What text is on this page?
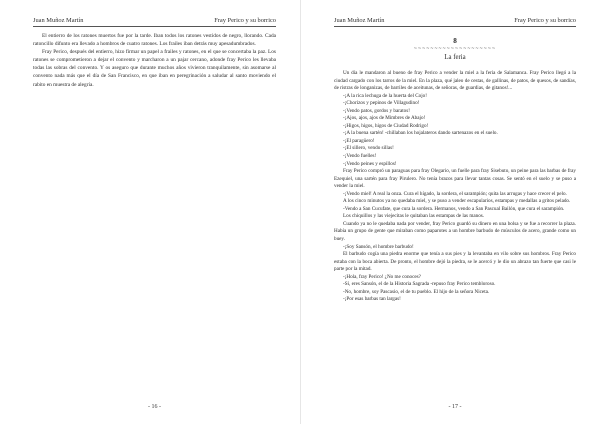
Juan Muñoz Martín	Fray Perico y su borrico

El entierro de los ratones muertos fue por la tarde. Iban todos los ratones vestidos de negro, llorando. Cada ratoncillo difunto era llevado a hombros de cuatro ratones. Los frailes iban detrás muy apesadumbrados.

Fray Perico, después del entierro, hizo firmar un papel a frailes y ratones, en el que se concertaba la paz. Los ratones se comprometieron a dejar el convento y marcharon a un pajar cercano, adonde fray Perico les llevaba todas las sobras del convento. Y os aseguro que durante muchos años vivieron tranquilamente, sin asomarse al convento nada más que el día de San Francisco, en que iban en peregrinación a saludar al santo moviendo el rabito en muestra de alegría.

- 16 -
Juan Muñoz Martín	Fray Perico y su borrico
8
~~~~~~~~~~~~~~~~~~~~
La feria

Un día le mandaron al bueno de fray Perico a vender la miel a la feria de Salamanca. Fray Perico llegó a la ciudad cargado con los tarros de la miel. En la plaza, qué jaleo de cestas, de gallinas, de patos, de quesos, de sandías, de ristras de longanizas, de barriles de aceitunas, de señoras, de guardias, de gitanos!...

-¡A la rica lechuga de la huerta del Cojo!

-¡Chorizos y pepinos de Villagudino!

-¡Vendo patos, gordos y baratos!

-¡Ajos, ajos, ajos de Mimbres de Abajo!

-¡Higos, higos, higos de Ciudad Rodrigo!

-¡A la buena sartén! -chillaban los hojalateros dando sartenazos en el suelo.

-¡El paragüero!

-¡El sillero, vendo sillas!

-¡Vendo fuelles!

-¡Vendo peines y espillos!

Fray Perico compró un paraguas para fray Olegario, un fuelle para fray Sisebuto, un peine para las barbas de fray Ezequiel, una sartén para fray Pirulero. No tenía brazos para llevar tantas cosas. Se sentó en el suelo y se puso a vender la miel.

-¡Vendo miel! A real la onza. Cura el hígado, la sordera, el sarampión; quita las arrugas y hace crecer el pelo.

A los cinco minutos ya no quedaba miel, y se puso a vender escapularios, estampas y medallas a gritos pelado.

-Vendo a San Cucufate, que cura la sordera. Hermanos, vendo a San Pascual Bailón, que cura el sarampión.

Los chiquillos y las viejecitas le quitaban las estampas de las manos.

Cuando ya no le quedaba nada por vender, fray Perico guardó su dinero en una bolsa y se fue a recorrer la plaza. Había un grupo de gente que miraban como paparotes a un hombre barbudo de músculos de acero, grande como un buey.

-¡Soy Sansón, el hombre barbudo!

El barbudo cogía una piedra enorme que tenía a sus pies y la levantaba en vilo sobre sus hombros. Fray Perico estaba con la boca abierta. De pronto, el hombre dejó la piedra, se le acercó y le dio un abrazo tan fuerte que casi le parte por la mitad.

-¡Hola, fray Perico! ¿No me conoces?

-Sí, eres Sansón, el de la Historia Sagrada -repuso fray Perico tembloroso.

-No, hombre, soy Pascasio, el de tu pueblo. El hijo de la señora Niceta.

-¡Por esas barbas tan largas!

- 17 -
